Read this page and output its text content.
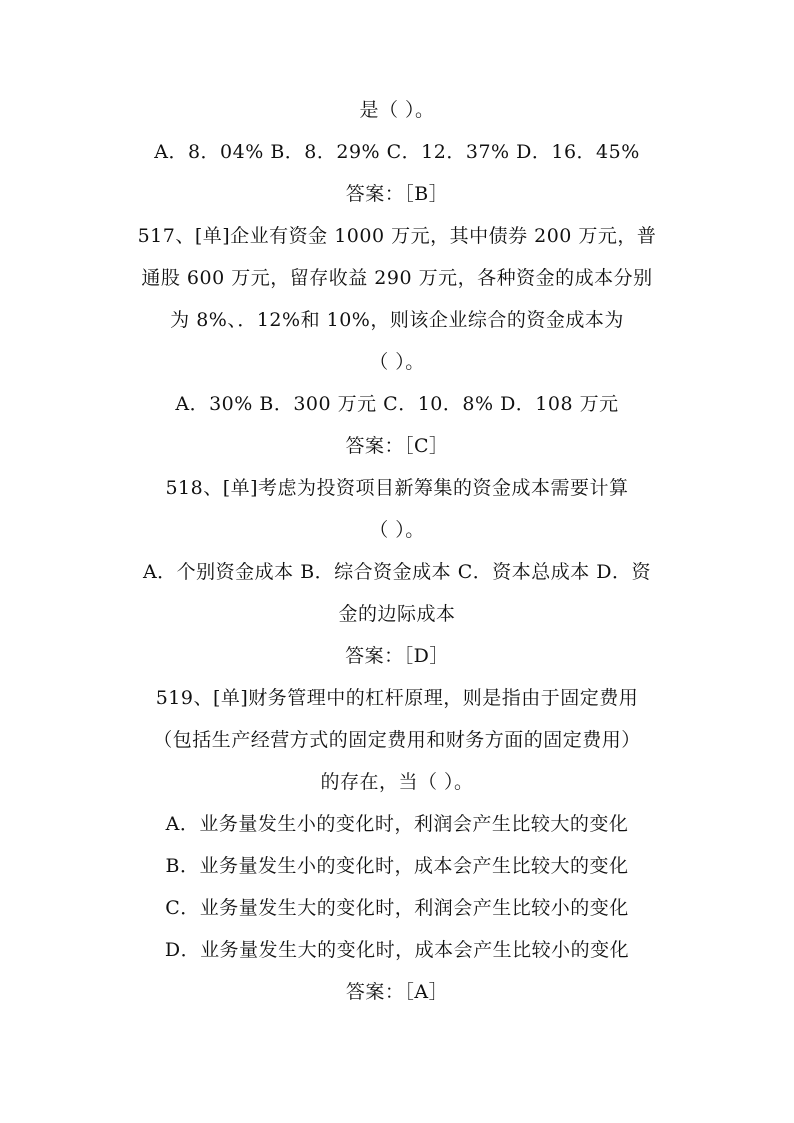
是（ ）。
A．8．04% B．8．29% C．12．37% D．16．45%
答案：［B］
517、[单]企业有资金 1000 万元，其中债券 200 万元，普
通股 600 万元，留存收益 290 万元，各种资金的成本分别
为 8%、．12%和 10%，则该企业综合的资金成本为
（ ）。
A．30% B．300 万元 C．10．8% D．108 万元
答案：［C］
518、[单]考虑为投资项目新筹集的资金成本需要计算
（ ）。
A．个别资金成本 B．综合资金成本 C．资本总成本 D．资
金的边际成本
答案：［D］
519、[单]财务管理中的杠杆原理，则是指由于固定费用
（包括生产经营方式的固定费用和财务方面的固定费用）
的存在，当（ ）。
A．业务量发生小的变化时，利润会产生比较大的变化
B．业务量发生小的变化时，成本会产生比较大的变化
C．业务量发生大的变化时，利润会产生比较小的变化
D．业务量发生大的变化时，成本会产生比较小的变化
答案：［A］
